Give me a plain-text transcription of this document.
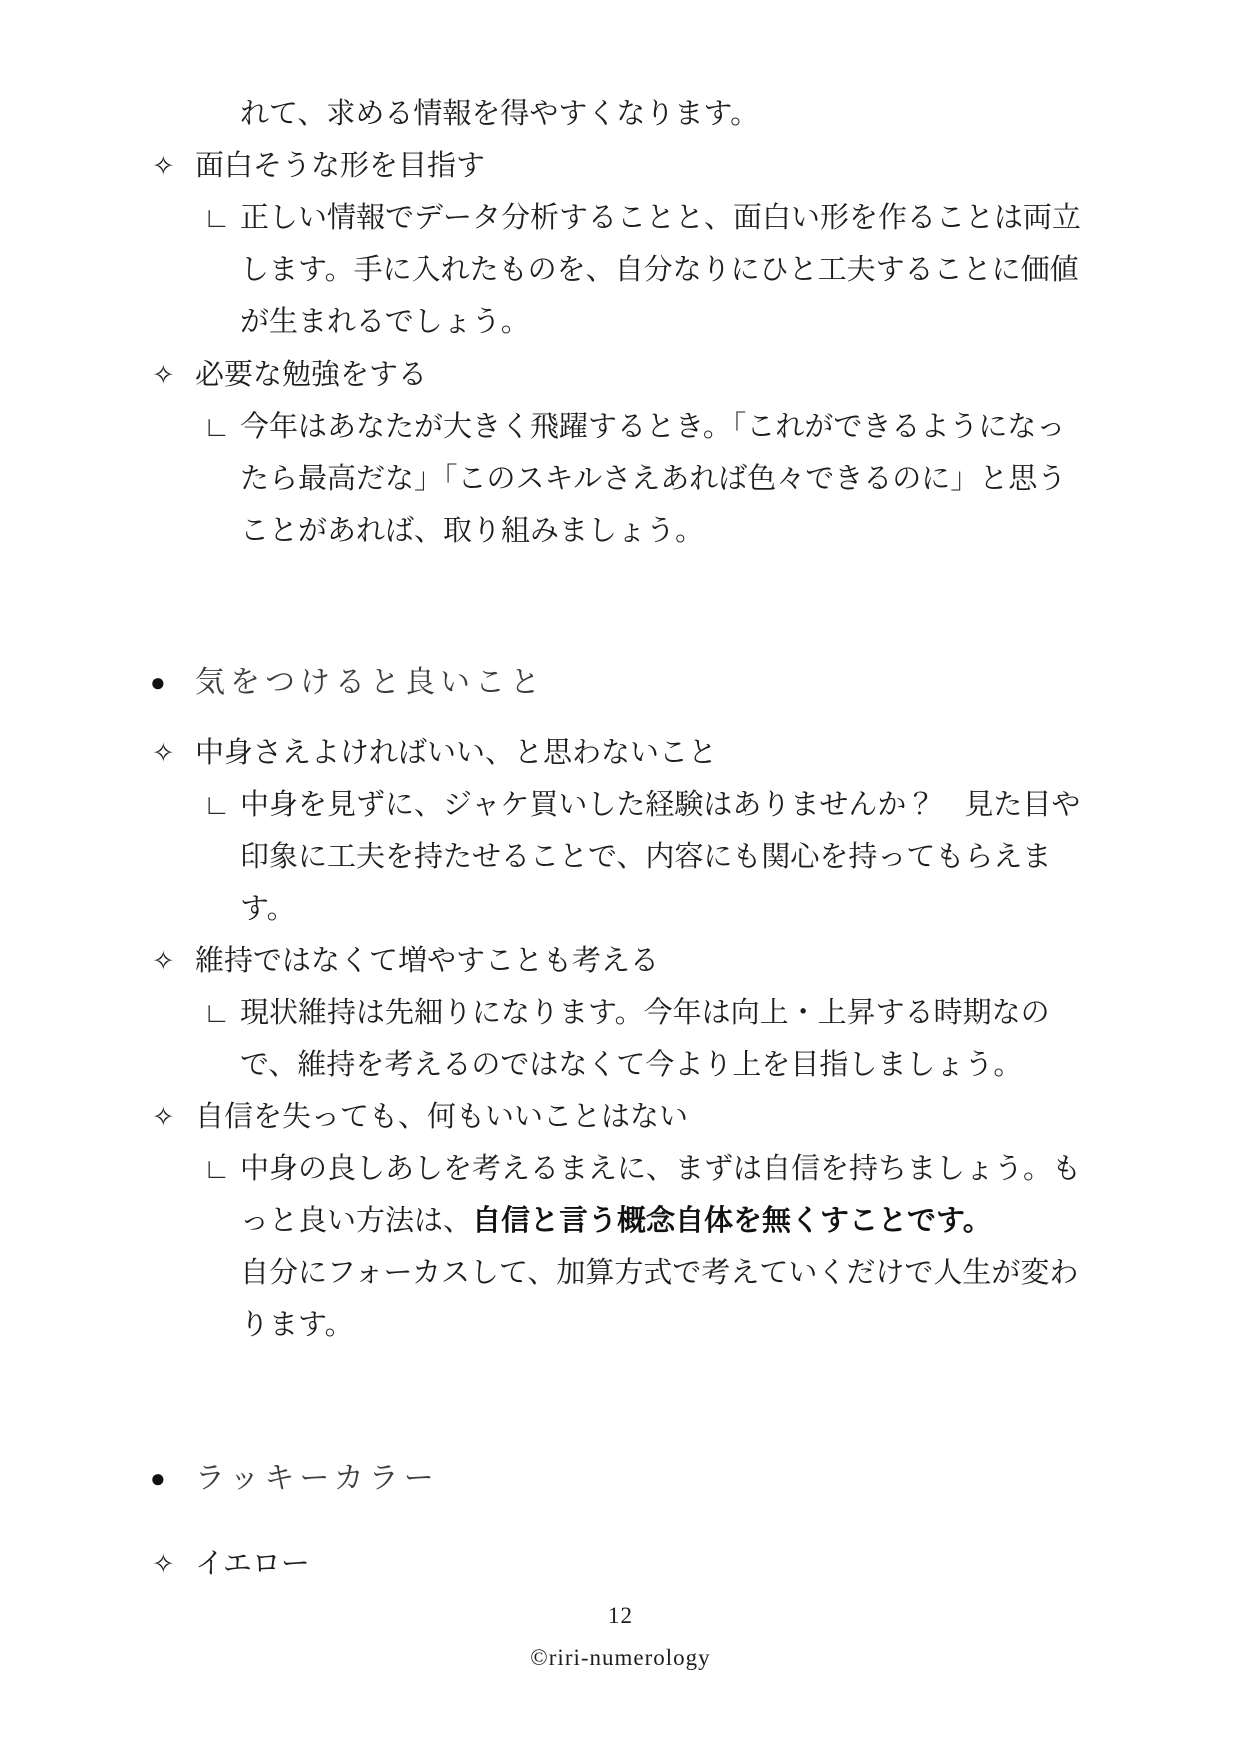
れて、求める情報を得やすくなります。
✧ 面白そうな形を目指す
∟ 正しい情報でデータ分析することと、面白い形を作ることは両立
します。手に入れたものを、自分なりにひと工夫することに価値
が生まれるでしょう。
✧ 必要な勉強をする
∟ 今年はあなたが大きく飛躍するとき。「これができるようになっ
たら最高だな」「このスキルさえあれば色々できるのに」と思う
ことがあれば、取り組みましょう。
● 気をつけると良いこと
✧ 中身さえよければいい、と思わないこと
∟ 中身を見ずに、ジャケ買いした経験はありませんか？　見た目や
印象に工夫を持たせることで、内容にも関心を持ってもらえま
す。
✧ 維持ではなくて増やすことも考える
∟ 現状維持は先細りになります。今年は向上・上昇する時期なの
で、維持を考えるのではなくて今より上を目指しましょう。
✧ 自信を失っても、何もいいことはない
∟ 中身の良しあしを考えるまえに、まずは自信を持ちましょう。も
っと良い方法は、 自信と言う概念自体を無くすことです。
自分にフォーカスして、加算方式で考えていくだけで人生が変わ
ります。
● ラッキーカラー
✧ イエロー
12
©riri-numerology
